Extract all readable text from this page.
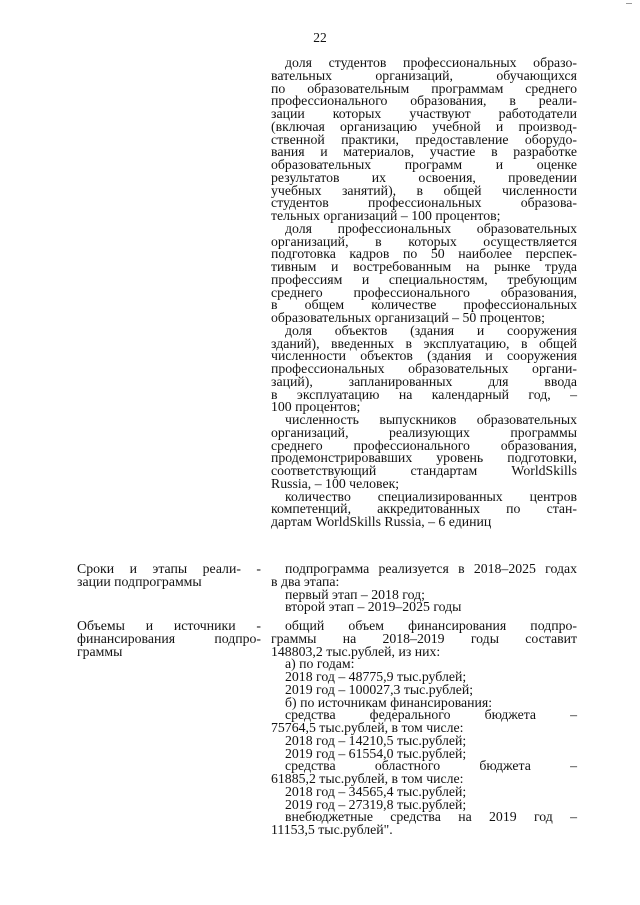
22
доля студентов профессиональных образо-
вательных организаций, обучающихся
по образовательным программам среднего
профессионального образования, в реали-
зации которых участвуют работодатели
(включая организацию учебной и производ-
ственной практики, предоставление оборудо-
вания и материалов, участие в разработке
образовательных программ и оценке
результатов их освоения, проведении
учебных занятий), в общей численности
студентов профессиональных образова-
тельных организаций – 100 процентов;
доля профессиональных образовательных
организаций, в которых осуществляется
подготовка кадров по 50 наиболее перспек-
тивным и востребованным на рынке труда
профессиям и специальностям, требующим
среднего профессионального образования,
в общем количестве профессиональных
образовательных организаций – 50 процентов;
доля объектов (здания и сооружения
зданий), введенных в эксплуатацию, в общей
численности объектов (здания и сооружения
профессиональных образовательных органи-
заций), запланированных для ввода
в эксплуатацию на календарный год, –
100 процентов;
численность выпускников образовательных
организаций, реализующих программы
среднего профессионального образования,
продемонстрировавших уровень подготовки,
соответствующий стандартам WorldSkills
Russia, – 100 человек;
количество специализированных центров
компетенций, аккредитованных по стан-
дартам WorldSkills Russia, – 6 единиц
Сроки и этапы реали- -
зации подпрограммы
подпрограмма реализуется в 2018–2025 годах
в два этапа:
первый этап – 2018 год;
второй этап – 2019–2025 годы
Объемы и источники -
финансирования подпро-
граммы
общий объем финансирования подпро-
граммы на 2018–2019 годы составит
148803,2 тыс.рублей, из них:
а) по годам:
2018 год – 48775,9 тыс.рублей;
2019 год – 100027,3 тыс.рублей;
б) по источникам финансирования:
средства федерального бюджета –
75764,5 тыс.рублей, в том числе:
2018 год – 14210,5 тыс.рублей;
2019 год – 61554,0 тыс.рублей;
средства областного бюджета –
61885,2 тыс.рублей, в том числе:
2018 год – 34565,4 тыс.рублей;
2019 год – 27319,8 тыс.рублей;
внебюджетные средства на 2019 год –
11153,5 тыс.рублей".
